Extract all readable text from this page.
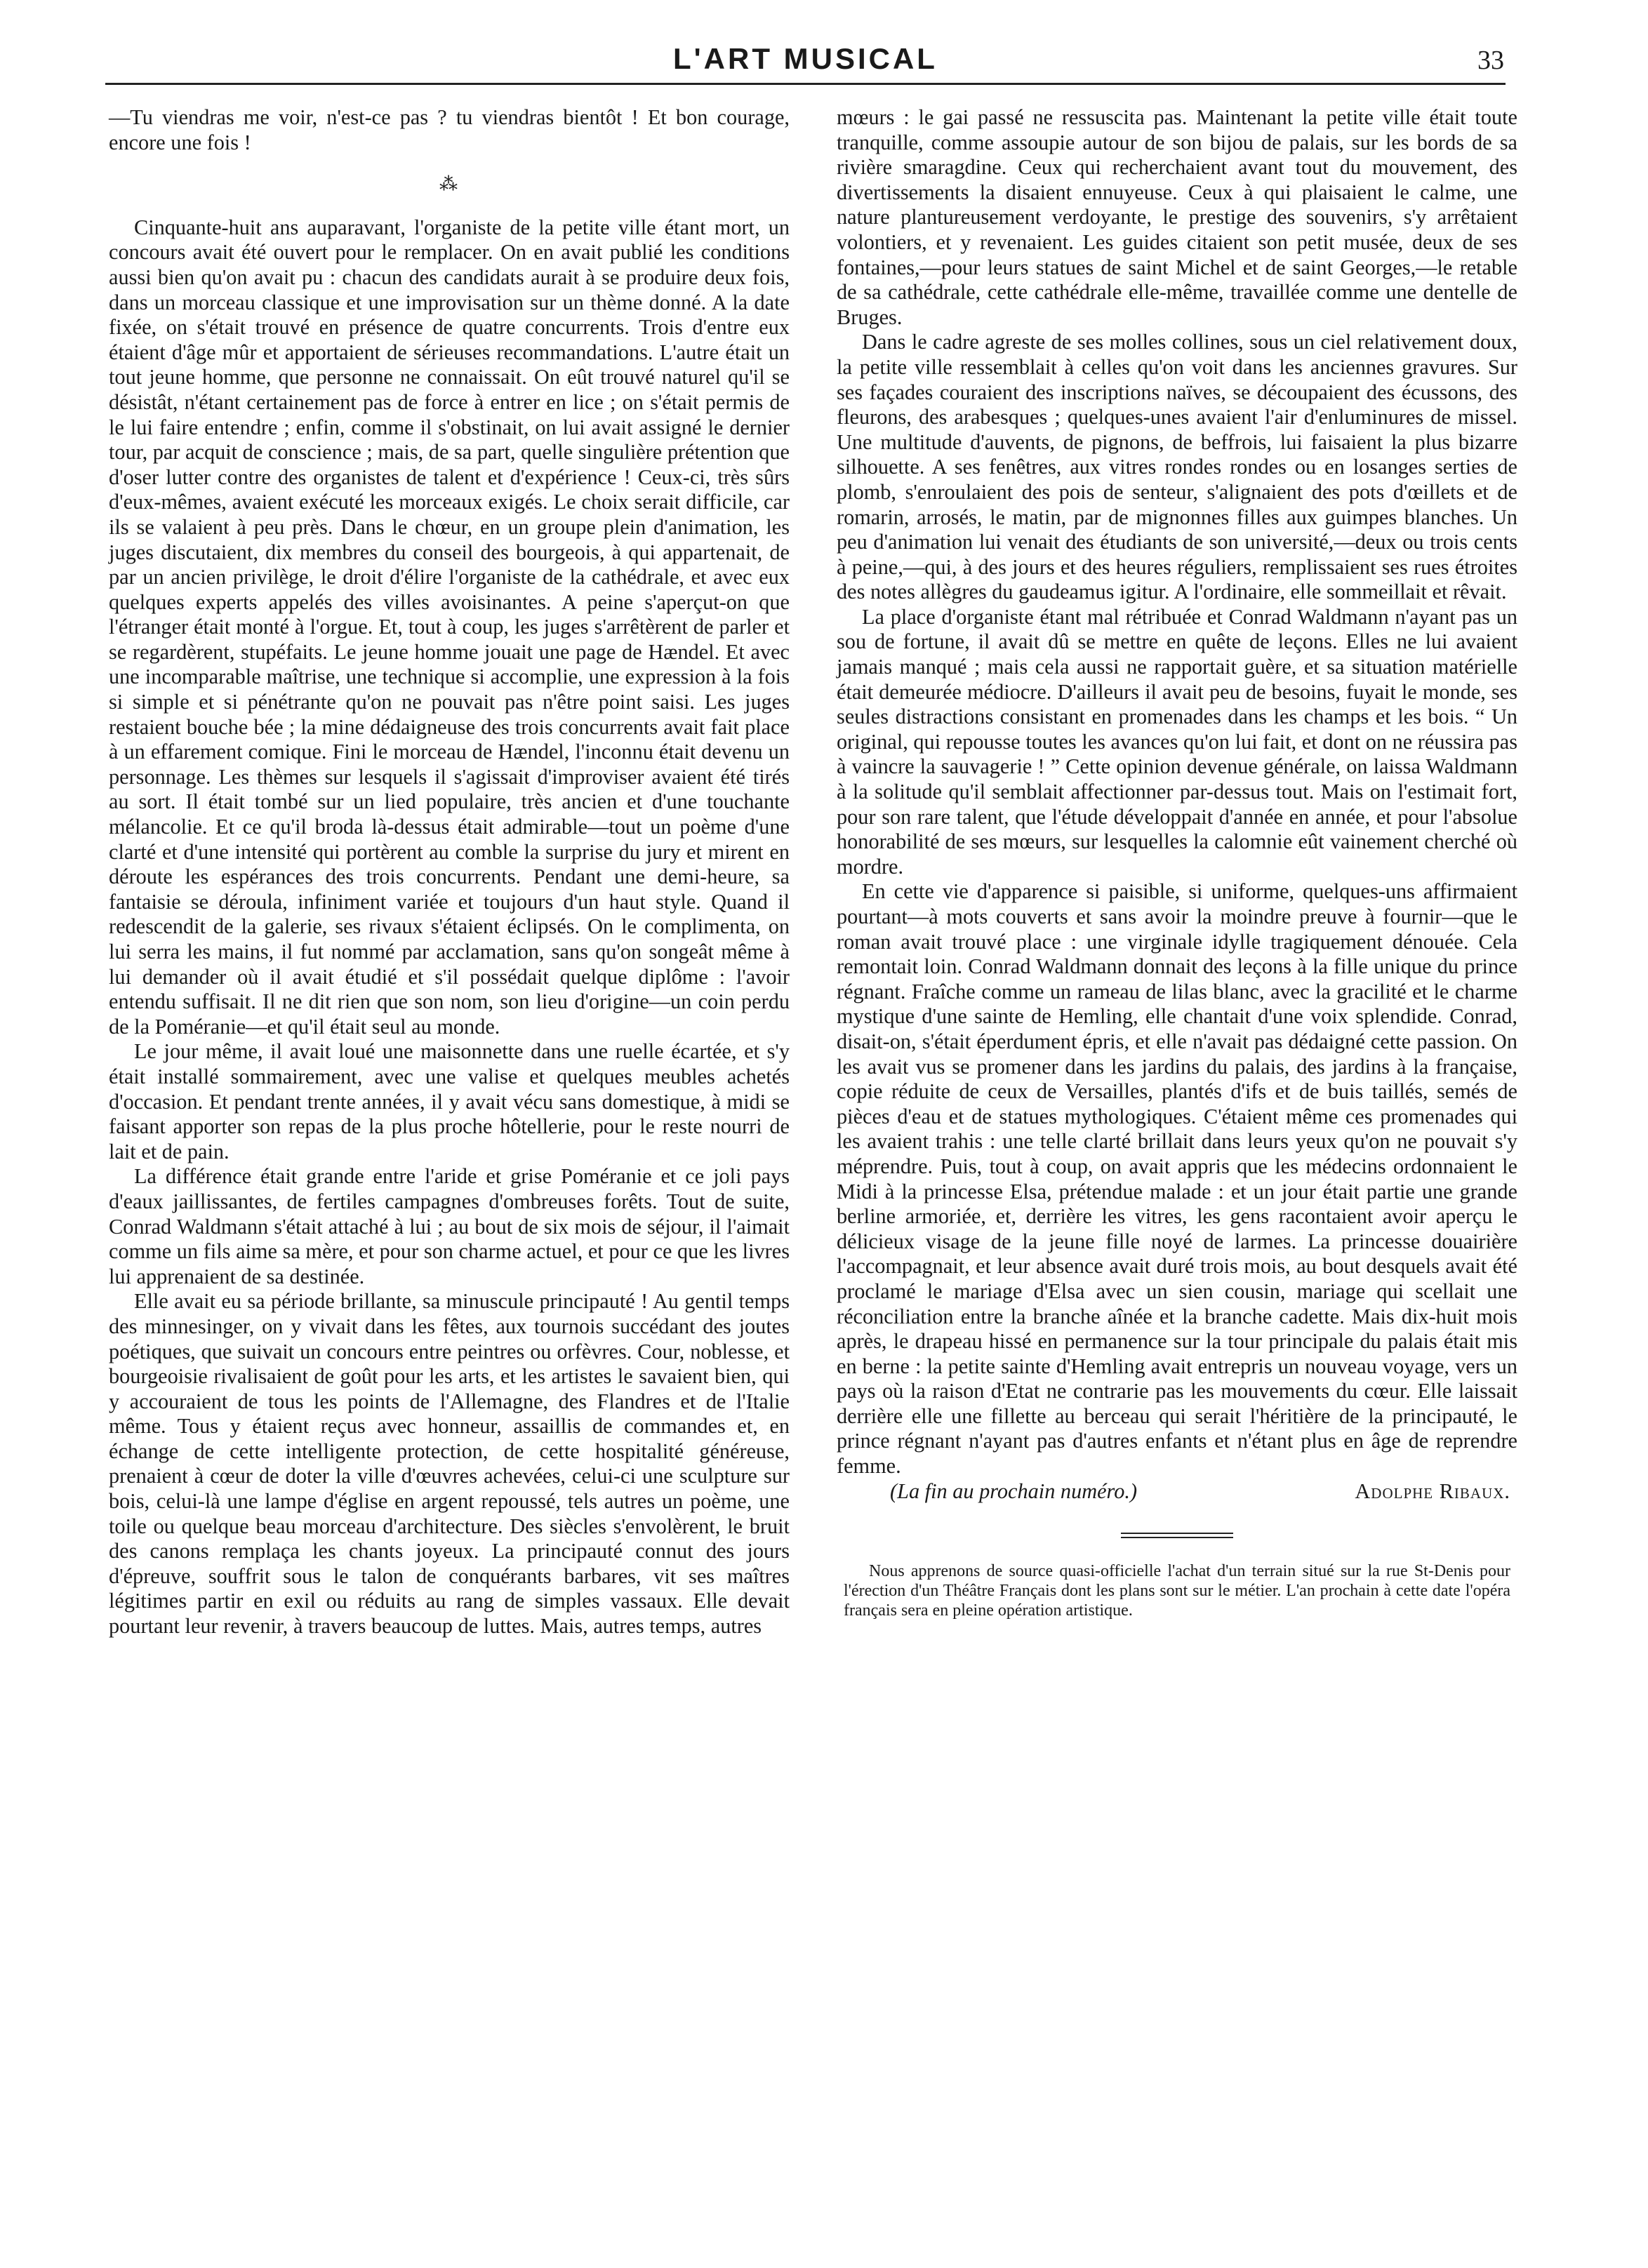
L'ART MUSICAL	33

—Tu viendras me voir, n'est-ce pas ? tu viendras bientôt ! Et bon courage, encore une fois !

⁂

Cinquante-huit ans auparavant, l'organiste de la petite ville étant mort, un concours avait été ouvert pour le remplacer. On en avait publié les conditions aussi bien qu'on avait pu : chacun des candidats aurait à se produire deux fois, dans un morceau classique et une improvisation sur un thème donné. A la date fixée, on s'était trouvé en présence de quatre concurrents. Trois d'entre eux étaient d'âge mûr et apportaient de sérieuses recommandations. L'autre était un tout jeune homme, que personne ne connaissait. On eût trouvé naturel qu'il se désistât, n'étant certainement pas de force à entrer en lice ; on s'était permis de le lui faire entendre ; enfin, comme il s'obstinait, on lui avait assigné le dernier tour, par acquit de conscience ; mais, de sa part, quelle singulière prétention que d'oser lutter contre des organistes de talent et d'expérience ! Ceux-ci, très sûrs d'eux-mêmes, avaient exécuté les morceaux exigés. Le choix serait difficile, car ils se valaient à peu près. Dans le chœur, en un groupe plein d'animation, les juges discutaient, dix membres du conseil des bourgeois, à qui appartenait, de par un ancien privilège, le droit d'élire l'organiste de la cathédrale, et avec eux quelques experts appelés des villes avoisinantes. A peine s'aperçut-on que l'étranger était monté à l'orgue. Et, tout à coup, les juges s'arrêtèrent de parler et se regardèrent, stupéfaits. Le jeune homme jouait une page de Hændel. Et avec une incomparable maîtrise, une technique si accomplie, une expression à la fois si simple et si pénétrante qu'on ne pouvait pas n'être point saisi. Les juges restaient bouche bée ; la mine dédaigneuse des trois concurrents avait fait place à un effarement comique. Fini le morceau de Hændel, l'inconnu était devenu un personnage. Les thèmes sur lesquels il s'agissait d'improviser avaient été tirés au sort. Il était tombé sur un lied populaire, très ancien et d'une touchante mélancolie. Et ce qu'il broda là-dessus était admirable—tout un poème d'une clarté et d'une intensité qui portèrent au comble la surprise du jury et mirent en déroute les espérances des trois concurrents. Pendant une demi-heure, sa fantaisie se déroula, infiniment variée et toujours d'un haut style. Quand il redescendit de la galerie, ses rivaux s'étaient éclipsés. On le complimenta, on lui serra les mains, il fut nommé par acclamation, sans qu'on songeât même à lui demander où il avait étudié et s'il possédait quelque diplôme : l'avoir entendu suffisait. Il ne dit rien que son nom, son lieu d'origine—un coin perdu de la Poméranie—et qu'il était seul au monde.

Le jour même, il avait loué une maisonnette dans une ruelle écartée, et s'y était installé sommairement, avec une valise et quelques meubles achetés d'occasion. Et pendant trente années, il y avait vécu sans domestique, à midi se faisant apporter son repas de la plus proche hôtellerie, pour le reste nourri de lait et de pain.

La différence était grande entre l'aride et grise Poméranie et ce joli pays d'eaux jaillissantes, de fertiles campagnes d'ombreuses forêts. Tout de suite, Conrad Waldmann s'était attaché à lui ; au bout de six mois de séjour, il l'aimait comme un fils aime sa mère, et pour son charme actuel, et pour ce que les livres lui apprenaient de sa destinée.

Elle avait eu sa période brillante, sa minuscule principauté ! Au gentil temps des minnesinger, on y vivait dans les fêtes, aux tournois succédant des joutes poétiques, que suivait un concours entre peintres ou orfèvres. Cour, noblesse, et bourgeoisie rivalisaient de goût pour les arts, et les artistes le savaient bien, qui y accouraient de tous les points de l'Allemagne, des Flandres et de l'Italie même. Tous y étaient reçus avec honneur, assaillis de commandes et, en échange de cette intelligente protection, de cette hospitalité généreuse, prenaient à cœur de doter la ville d'œuvres achevées, celui-ci une sculpture sur bois, celui-là une lampe d'église en argent repoussé, tels autres un poème, une toile ou quelque beau morceau d'architecture. Des siècles s'envolèrent, le bruit des canons remplaça les chants joyeux. La principauté connut des jours d'épreuve, souffrit sous le talon de conquérants barbares, vit ses maîtres légitimes partir en exil ou réduits au rang de simples vassaux. Elle devait pourtant leur revenir, à travers beaucoup de luttes. Mais, autres temps, autres

mœurs : le gai passé ne ressuscita pas. Maintenant la petite ville était toute tranquille, comme assoupie autour de son bijou de palais, sur les bords de sa rivière smaragdine. Ceux qui recherchaient avant tout du mouvement, des divertissements la disaient ennuyeuse. Ceux à qui plaisaient le calme, une nature plantureusement verdoyante, le prestige des souvenirs, s'y arrêtaient volontiers, et y revenaient. Les guides citaient son petit musée, deux de ses fontaines,—pour leurs statues de saint Michel et de saint Georges,—le retable de sa cathédrale, cette cathédrale elle-même, travaillée comme une dentelle de Bruges.

Dans le cadre agreste de ses molles collines, sous un ciel relativement doux, la petite ville ressemblait à celles qu'on voit dans les anciennes gravures. Sur ses façades couraient des inscriptions naïves, se découpaient des écussons, des fleurons, des arabesques ; quelques-unes avaient l'air d'enluminures de missel. Une multitude d'auvents, de pignons, de beffrois, lui faisaient la plus bizarre silhouette. A ses fenêtres, aux vitres rondes rondes ou en losanges serties de plomb, s'enroulaient des pois de senteur, s'alignaient des pots d'œillets et de romarin, arrosés, le matin, par de mignonnes filles aux guimpes blanches. Un peu d'animation lui venait des étudiants de son université,—deux ou trois cents à peine,—qui, à des jours et des heures réguliers, remplissaient ses rues étroites des notes allègres du gaudeamus igitur. A l'ordinaire, elle sommeillait et rêvait.

La place d'organiste étant mal rétribuée et Conrad Waldmann n'ayant pas un sou de fortune, il avait dû se mettre en quête de leçons. Elles ne lui avaient jamais manqué ; mais cela aussi ne rapportait guère, et sa situation matérielle était demeurée médiocre. D'ailleurs il avait peu de besoins, fuyait le monde, ses seules distractions consistant en promenades dans les champs et les bois. “ Un original, qui repousse toutes les avances qu'on lui fait, et dont on ne réussira pas à vaincre la sauvagerie ! ” Cette opinion devenue générale, on laissa Waldmann à la solitude qu'il semblait affectionner par-dessus tout. Mais on l'estimait fort, pour son rare talent, que l'étude développait d'année en année, et pour l'absolue honorabilité de ses mœurs, sur lesquelles la calomnie eût vainement cherché où mordre.

En cette vie d'apparence si paisible, si uniforme, quelques-uns affirmaient pourtant—à mots couverts et sans avoir la moindre preuve à fournir—que le roman avait trouvé place : une virginale idylle tragiquement dénouée. Cela remontait loin. Conrad Waldmann donnait des leçons à la fille unique du prince régnant. Fraîche comme un rameau de lilas blanc, avec la gracilité et le charme mystique d'une sainte de Hemling, elle chantait d'une voix splendide. Conrad, disait-on, s'était éperdument épris, et elle n'avait pas dédaigné cette passion. On les avait vus se promener dans les jardins du palais, des jardins à la française, copie réduite de ceux de Versailles, plantés d'ifs et de buis taillés, semés de pièces d'eau et de statues mythologiques. C'étaient même ces promenades qui les avaient trahis : une telle clarté brillait dans leurs yeux qu'on ne pouvait s'y méprendre. Puis, tout à coup, on avait appris que les médecins ordonnaient le Midi à la princesse Elsa, prétendue malade : et un jour était partie une grande berline armoriée, et, derrière les vitres, les gens racontaient avoir aperçu le délicieux visage de la jeune fille noyé de larmes. La princesse douairière l'accompagnait, et leur absence avait duré trois mois, au bout desquels avait été proclamé le mariage d'Elsa avec un sien cousin, mariage qui scellait une réconciliation entre la branche aînée et la branche cadette. Mais dix-huit mois après, le drapeau hissé en permanence sur la tour principale du palais était mis en berne : la petite sainte d'Hemling avait entrepris un nouveau voyage, vers un pays où la raison d'Etat ne contrarie pas les mouvements du cœur. Elle laissait derrière elle une fillette au berceau qui serait l'héritière de la principauté, le prince régnant n'ayant pas d'autres enfants et n'étant plus en âge de reprendre femme.

(La fin au prochain numéro.)	Adolphe Ribaux.

Nous apprenons de source quasi-officielle l'achat d'un terrain situé sur la rue St-Denis pour l'érection d'un Théâtre Français dont les plans sont sur le métier. L'an prochain à cette date l'opéra français sera en pleine opération artistique.
